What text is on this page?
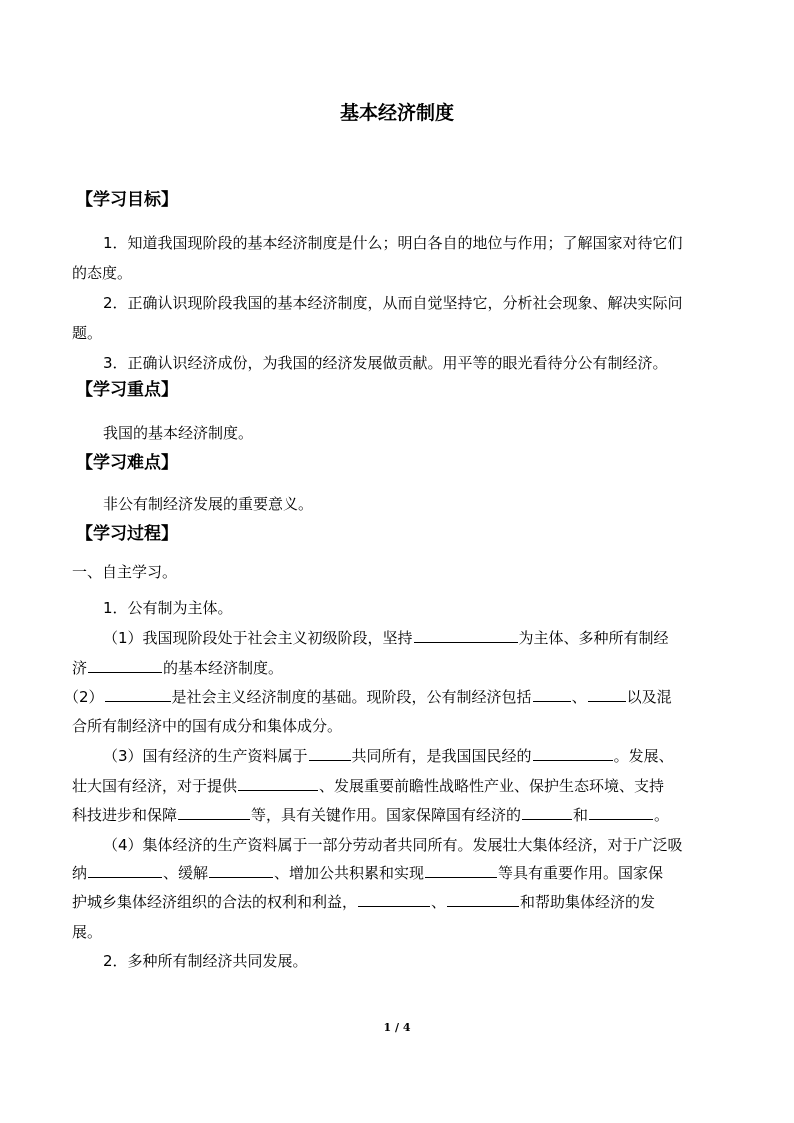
基本经济制度
【学习目标】
1．知道我国现阶段的基本经济制度是什么；明白各自的地位与作用；了解国家对待它们
的态度。
2．正确认识现阶段我国的基本经济制度，从而自觉坚持它，分析社会现象、解决实际问
题。
3．正确认识经济成份，为我国的经济发展做贡献。用平等的眼光看待分公有制经济。
【学习重点】
我国的基本经济制度。
【学习难点】
非公有制经济发展的重要意义。
【学习过程】
一、自主学习。
1．公有制为主体。
（1）我国现阶段处于社会主义初级阶段，坚持	为主体、多种所有制经
济	的基本经济制度。
（2）	是社会主义经济制度的基础。现阶段，公有制经济包括	、	以及混
合所有制经济中的国有成分和集体成分。
（3）国有经济的生产资料属于	共同所有，是我国国民经的	。发展、
壮大国有经济，对于提供	、发展重要前瞻性战略性产业、保护生态环境、支持
科技进步和保障	等，具有关键作用。国家保障国有经济的	和	。
（4）集体经济的生产资料属于一部分劳动者共同所有。发展壮大集体经济，对于广泛吸
纳	、缓解	、增加公共积累和实现	等具有重要作用。国家保
护城乡集体经济组织的合法的权利和利益，	、	和帮助集体经济的发
展。
2．多种所有制经济共同发展。
1 / 4
